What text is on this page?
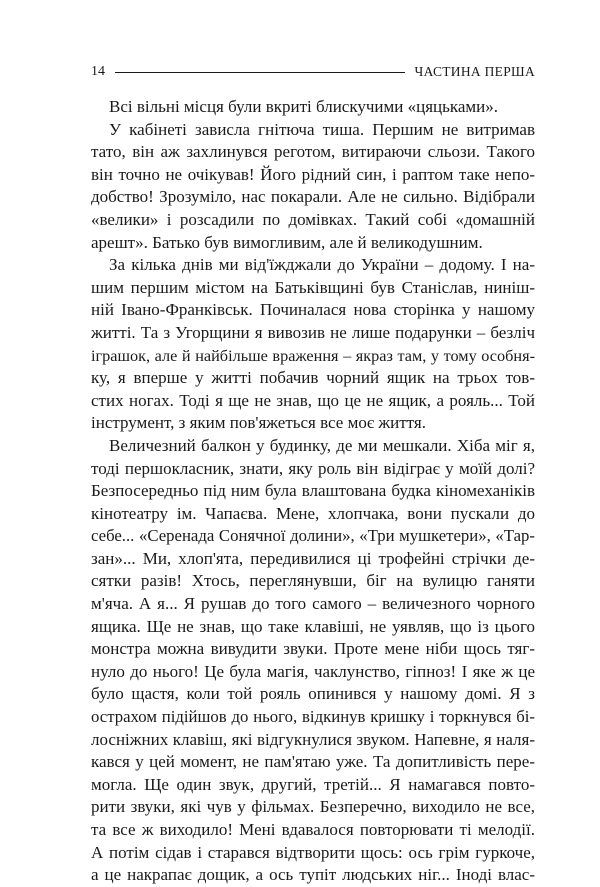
14	ЧАСТИНА ПЕРША
Всі вільні місця були вкриті блискучими «цяцьками».
У кабінеті зависла гнітюча тиша. Першим не витримав
тато, він аж захлинувся реготом, витираючи сльози. Такого
він точно не очікував! Його рідний син, і раптом таке непо-
добство! Зрозуміло, нас покарали. Але не сильно. Відібрали
«велики» і розсадили по домівках. Такий собі «домашній
арешт». Батько був вимогливим, але й великодушним.
За кілька днів ми від'їжджали до України – додому. І на-
шим першим містом на Батьківщині був Станіслав, нинiш-
ній Івано-Франківськ. Починалася нова сторінка у нашому
житті. Та з Угорщини я вивозив не лише подарунки – безліч
іграшок, але й найбільше враження – якраз там, у тому особня-
ку, я вперше у житті побачив чорний ящик на трьох тов-
стих ногах. Тоді я ще не знав, що це не ящик, а рояль... Той
інструмент, з яким пов'яжеться все моє життя.
Величезний балкон у будинку, де ми мешкали. Хіба міг я,
тоді першокласник, знати, яку роль він відіграє у моїй долі?
Безпосередньо під ним була влаштована будка кіномеханіків
кінотеатру ім. Чапаєва. Мене, хлопчака, вони пускали до
себе... «Серенада Сонячної долини», «Три мушкетери», «Тар-
зан»... Ми, хлоп'ята, передивилися ці трофейні стрічки де-
сятки разів! Хтось, переглянувши, біг на вулицю ганяти
м'яча. А я... Я рушав до того самого – величезного чорного
ящика. Ще не знав, що таке клавіші, не уявляв, що із цього
монстра можна вивудити звуки. Проте мене ніби щось тяг-
нуло до нього! Це була магія, чаклунство, гіпноз! І яке ж це
було щастя, коли той рояль опинився у нашому домі. Я з
острахом підійшов до нього, відкинув кришку і торкнувся бі-
лосніжних клавіш, які відгукнулися звуком. Напевне, я наля-
кався у цей момент, не пам'ятаю уже. Та допитливість пере-
могла. Ще один звук, другий, третій... Я намагався повто-
рити звуки, які чув у фільмах. Безперечно, виходило не все,
та все ж виходило! Мені вдавалося повторювати ті мелодії.
А потім сідав і старався відтворити щось: ось грім гуркоче,
а це накрапає дощик, а ось тупіт людських ніг... Іноді влас-
